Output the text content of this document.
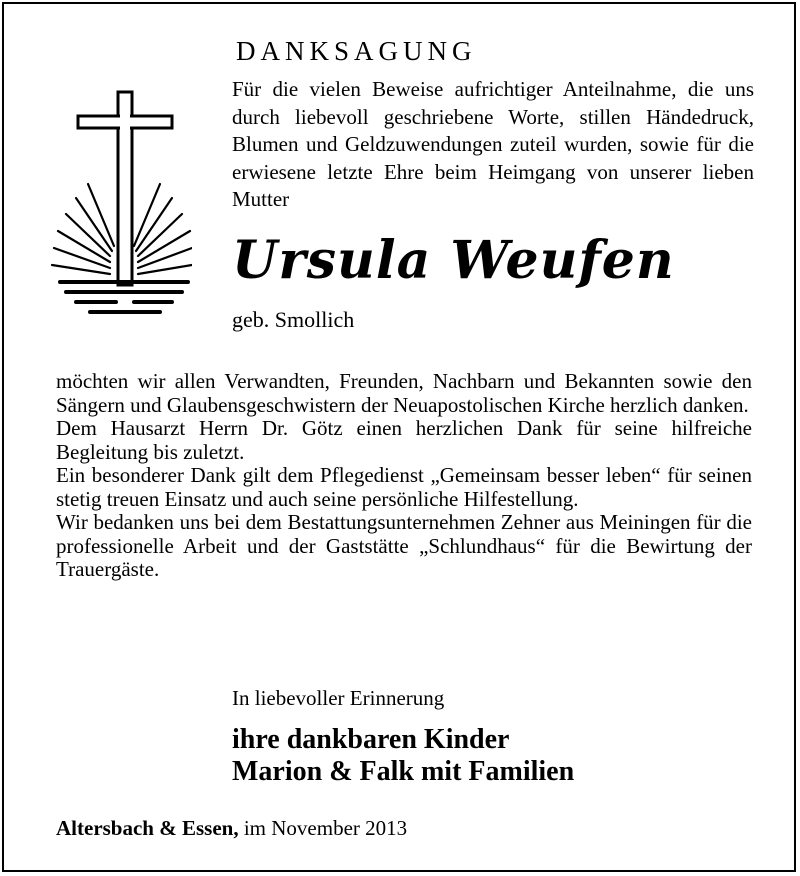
DANKSAGUNG
Für die vielen Beweise aufrichtiger Anteilnahme, die uns durch liebevoll geschriebene Worte, stillen Händedruck, Blumen und Geldzuwendungen zuteil wurden, sowie für die erwiesene letzte Ehre beim Heimgang von unserer lieben Mutter
Ursula Weufen
geb. Smollich

möchten wir allen Verwandten, Freunden, Nachbarn und Bekannten sowie den Sängern und Glaubensgeschwistern der Neuapostolischen Kirche herzlich danken.

Dem Hausarzt Herrn Dr. Götz einen herzlichen Dank für seine hilfreiche Begleitung bis zuletzt.

Ein besonderer Dank gilt dem Pflegedienst „Gemeinsam besser leben“ für seinen stetig treuen Einsatz und auch seine persönliche Hilfestellung.

Wir bedanken uns bei dem Bestattungsunternehmen Zehner aus Meiningen für die professionelle Arbeit und der Gaststätte „Schlundhaus“ für die Bewirtung der Trauergäste.

In liebevoller Erinnerung
ihre dankbaren Kinder
Marion & Falk mit Familien
Altersbach & Essen, im November 2013
